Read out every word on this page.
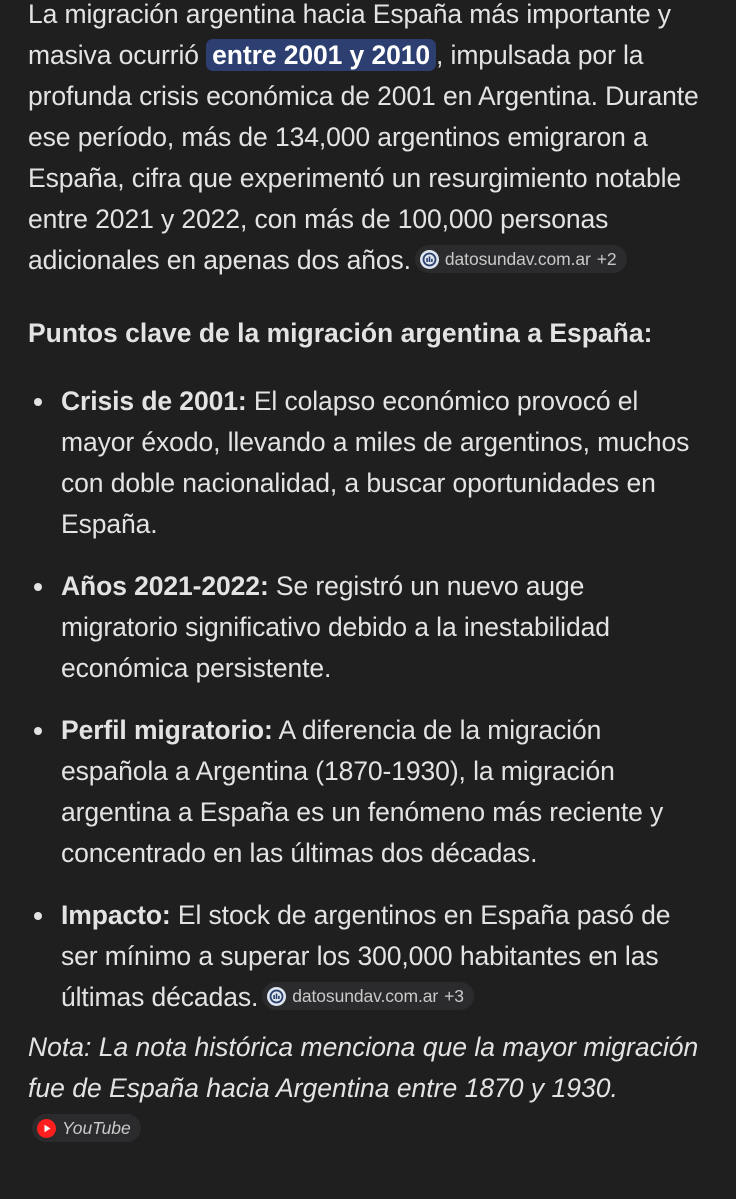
La migración argentina hacia España más importante y masiva ocurrió entre 2001 y 2010 , impulsada por la profunda crisis económica de 2001 en Argentina. Durante ese período, más de 134,000 argentinos emigraron a España, cifra que experimentó un resurgimiento notable entre 2021 y 2022, con más de 100,000 personas adicionales en apenas dos años. datosundav.com.ar +2

Puntos clave de la migración argentina a España:
Crisis de 2001: El colapso económico provocó el mayor éxodo, llevando a miles de argentinos, muchos con doble nacionalidad, a buscar oportunidades en España.
Años 2021-2022: Se registró un nuevo auge migratorio significativo debido a la inestabilidad económica persistente.
Perfil migratorio: A diferencia de la migración española a Argentina (1870-1930), la migración argentina a España es un fenómeno más reciente y concentrado en las últimas dos décadas.
Impacto: El stock de argentinos en España pasó de ser mínimo a superar los 300,000 habitantes en las últimas décadas. datosundav.com.ar +3

Nota: La nota histórica menciona que la mayor migración fue de España hacia Argentina entre 1870 y 1930.
YouTube
